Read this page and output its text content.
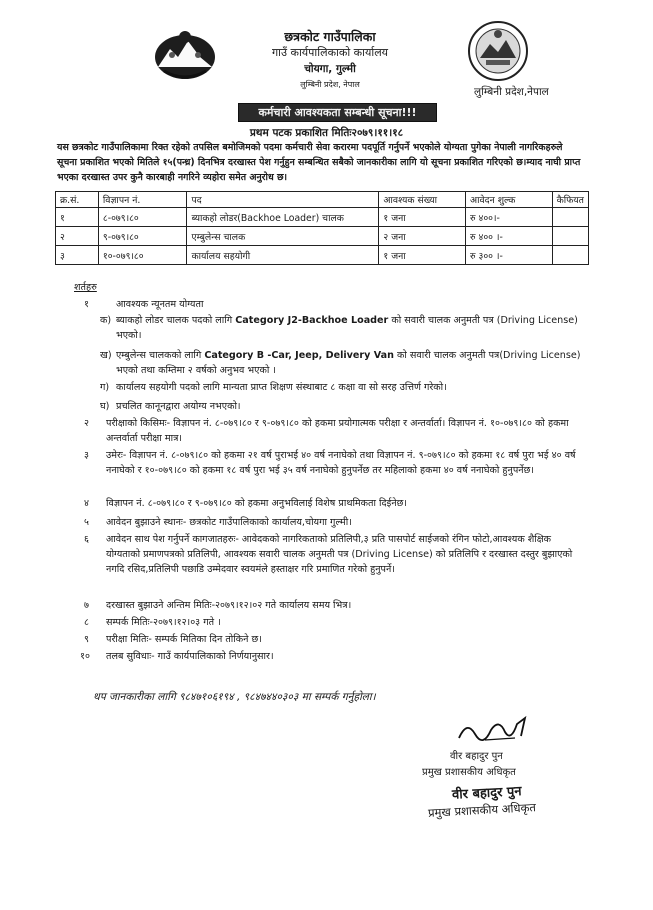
छत्रकोट गाउँपालिका
गाउँ कार्यपालिकाको कार्यालय
चोयगा, गुल्मी
लुम्बिनी प्रदेश, नेपाल
लुम्बिनी प्रदेश,नेपाल
कर्मचारी आवश्यकता सम्बन्धी सूचना!!!
प्रथम पटक प्रकाशित मितिः२०७९।११।१८
यस छत्रकोट गाउँपालिकामा रिक्त रहेको तपसिल बमोजिमको पदमा कर्मचारी सेवा करारमा पदपूर्ति गर्नुपर्ने भएकोले योग्यता पुगेका नेपाली नागरिकहरुले सूचना प्रकाशित भएको मितिले १५(पन्ध्र) दिनभित्र दरखास्त पेश गर्नुहुन सम्बन्धित सबैको जानकारीका लागि यो सूचना प्रकाशित गरिएको छ।म्याद नाघी प्राप्त भएका दरखास्त उपर कुनै कारबाही नगरिने व्यहोरा समेत अनुरोध छ।
क्र.सं.	विज्ञापन नं.	पद	आवश्यक संख्या	आवेदन शुल्क	कैफियत
१	८-०७९।८०	ब्याकहो लोडर(Backhoe Loader) चालक	१ जना	रु ४००।-	
२	९-०७९।८०	एम्बुलेन्स चालक	२ जना	रु ४०० ।-	
३	१०-०७९।८०	कार्यालय सहयोगी	१ जना	रु ३०० ।-	
शर्तहरु
१	आवश्यक न्यूनतम योग्यता
क) ब्याकहो लोडर चालक पदको लागि Category J2-Backhoe Loader को सवारी चालक अनुमती पत्र (Driving License) भएको।
ख) एम्बुलेन्स चालकको लागि Category B -Car, Jeep, Delivery Van को सवारी चालक अनुमती पत्र(Driving License) भएको तथा कम्तिमा २ वर्षको अनुभव भएको ।
ग) कार्यालय सहयोगी पदको लागि मान्यता प्राप्त शिक्षण संस्थाबाट ८ कक्षा वा सो सरह उत्तिर्ण गरेको।
घ) प्रचलित कानूनद्वारा अयोग्य नभएको।
२ परीक्षाको किसिमः- विज्ञापन नं. ८-०७९।८० र ९-०७९।८० को हकमा प्रयोगात्मक परीक्षा र अन्तर्वार्ता। विज्ञापन नं. १०-०७९।८० को हकमा अन्तर्वार्ता परीक्षा मात्र।
३ उमेरः- विज्ञापन नं. ८-०७९।८० को हकमा २१ वर्ष पुराभई ४० वर्ष ननाघेको तथा विज्ञापन नं. ९-०७९।८० को हकमा १८ वर्ष पुरा भई ४० वर्ष ननाघेको र १०-०७९।८० को हकमा १८ वर्ष पुरा भई ३५ वर्ष ननाघेको हुनुपर्नेछ तर महिलाको हकमा ४० वर्ष ननाघेको हुनुपर्नेछ।
४ विज्ञापन नं. ८-०७९।८० र ९-०७९।८० को हकमा अनुभविलाई विशेष प्राथमिकता दिईनेछ।
५ आवेदन बुझाउने स्थानः- छत्रकोट गाउँपालिकाको कार्यालय,चोयगा गुल्मी।
६ आवेदन साथ पेश गर्नुपर्ने कागजातहरुः- आवेदकको नागरिकताको प्रतिलिपी,३ प्रति पासपोर्ट साईजको रंगिन फोटो,आवश्यक शैक्षिक योग्यताको प्रमाणपत्रको प्रतिलिपी, आवश्यक सवारी चालक अनुमती पत्र (Driving License) को प्रतिलिपि र दरखास्त दस्तुर बुझाएको नगदि रसिद,प्रतिलिपी पछाडि उम्मेदवार स्वयमंले हस्ताक्षर गरि प्रमाणित गरेको हुनुपर्ने।
७ दरखास्त बुझाउने अन्तिम मितिः-२०७९।१२।०२ गते कार्यालय समय भित्र।
८ सम्पर्क मितिः-२०७९।१२।०३ गते ।
९ परीक्षा मितिः- सम्पर्क मितिका दिन तोकिने छ।
१० तलब सुविधाः- गाउँ कार्यपालिकाको निर्णयानुसार।
थप जानकारीका लागि ९८४७१०६१९४ , ९८४७४४०३०३ मा सम्पर्क गर्नुहोला।
वीर बहादुर पुन
प्रमुख प्रशासकीय अधिकृत
वीर बहादुर पुन
प्रमुख प्रशासकीय अधिकृत
